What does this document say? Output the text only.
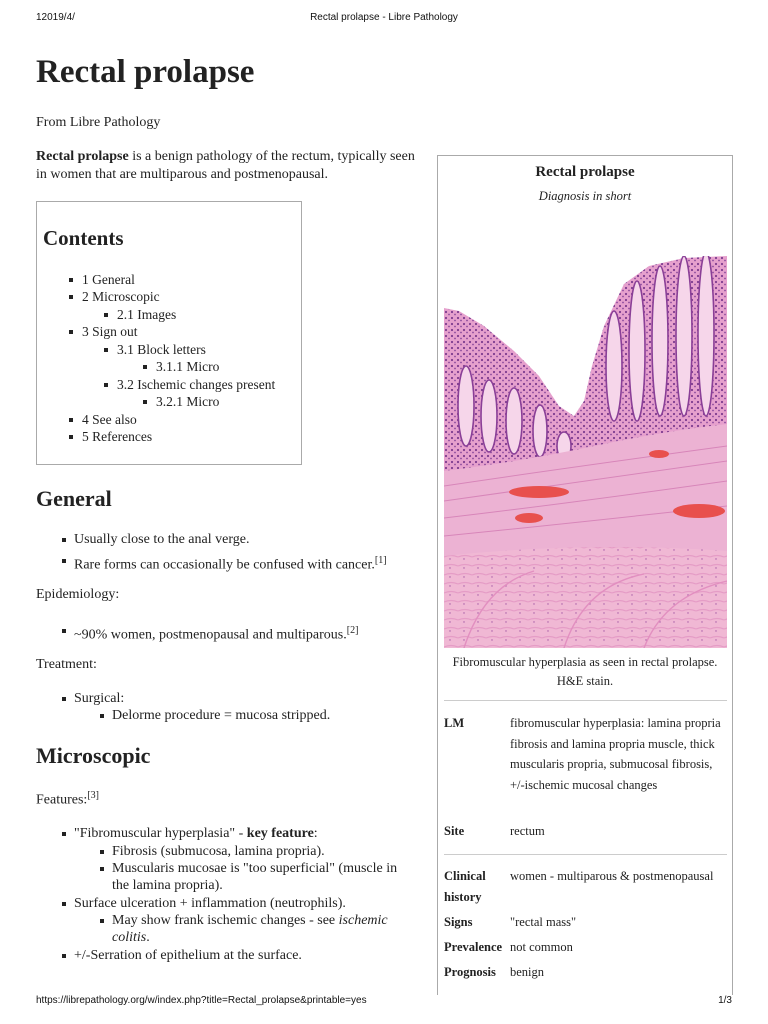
12019/4/	Rectal prolapse - Libre Pathology
Rectal prolapse
From Libre Pathology
Rectal prolapse is a benign pathology of the rectum, typically seen in women that are multiparous and postmenopausal.
Contents
1 General
2 Microscopic
2.1 Images
3 Sign out
3.1 Block letters
3.1.1 Micro
3.2 Ischemic changes present
3.2.1 Micro
4 See also
5 References
General
Usually close to the anal verge.
Rare forms can occasionally be confused with cancer.[1]
Epidemiology:
~90% women, postmenopausal and multiparous.[2]
Treatment:
Surgical:
Delorme procedure = mucosa stripped.
Microscopic
Features:[3]
"Fibromuscular hyperplasia" - key feature:
Fibrosis (submucosa, lamina propria).
Muscularis mucosae is "too superficial" (muscle in
the lamina propria).
Surface ulceration + inflammation (neutrophils).
May show frank ischemic changes - see ischemic
colitis.
+/-Serration of epithelium at the surface.
Rectal prolapse
Diagnosis in short
Fibromuscular hyperplasia as seen in rectal prolapse.
H&E stain.
LM	fibromuscular hyperplasia: lamina propria fibrosis and lamina propria muscle, thick muscularis propria, submucosal fibrosis, +/-ischemic mucosal changes
Site	rectum
Clinical
history
women - multiparous & postmenopausal
Signs	"rectal mass"
Prevalence not common
Prognosis benign
https://librepathology.org/w/index.php?title=Rectal_prolapse&printable=yes	1/3
